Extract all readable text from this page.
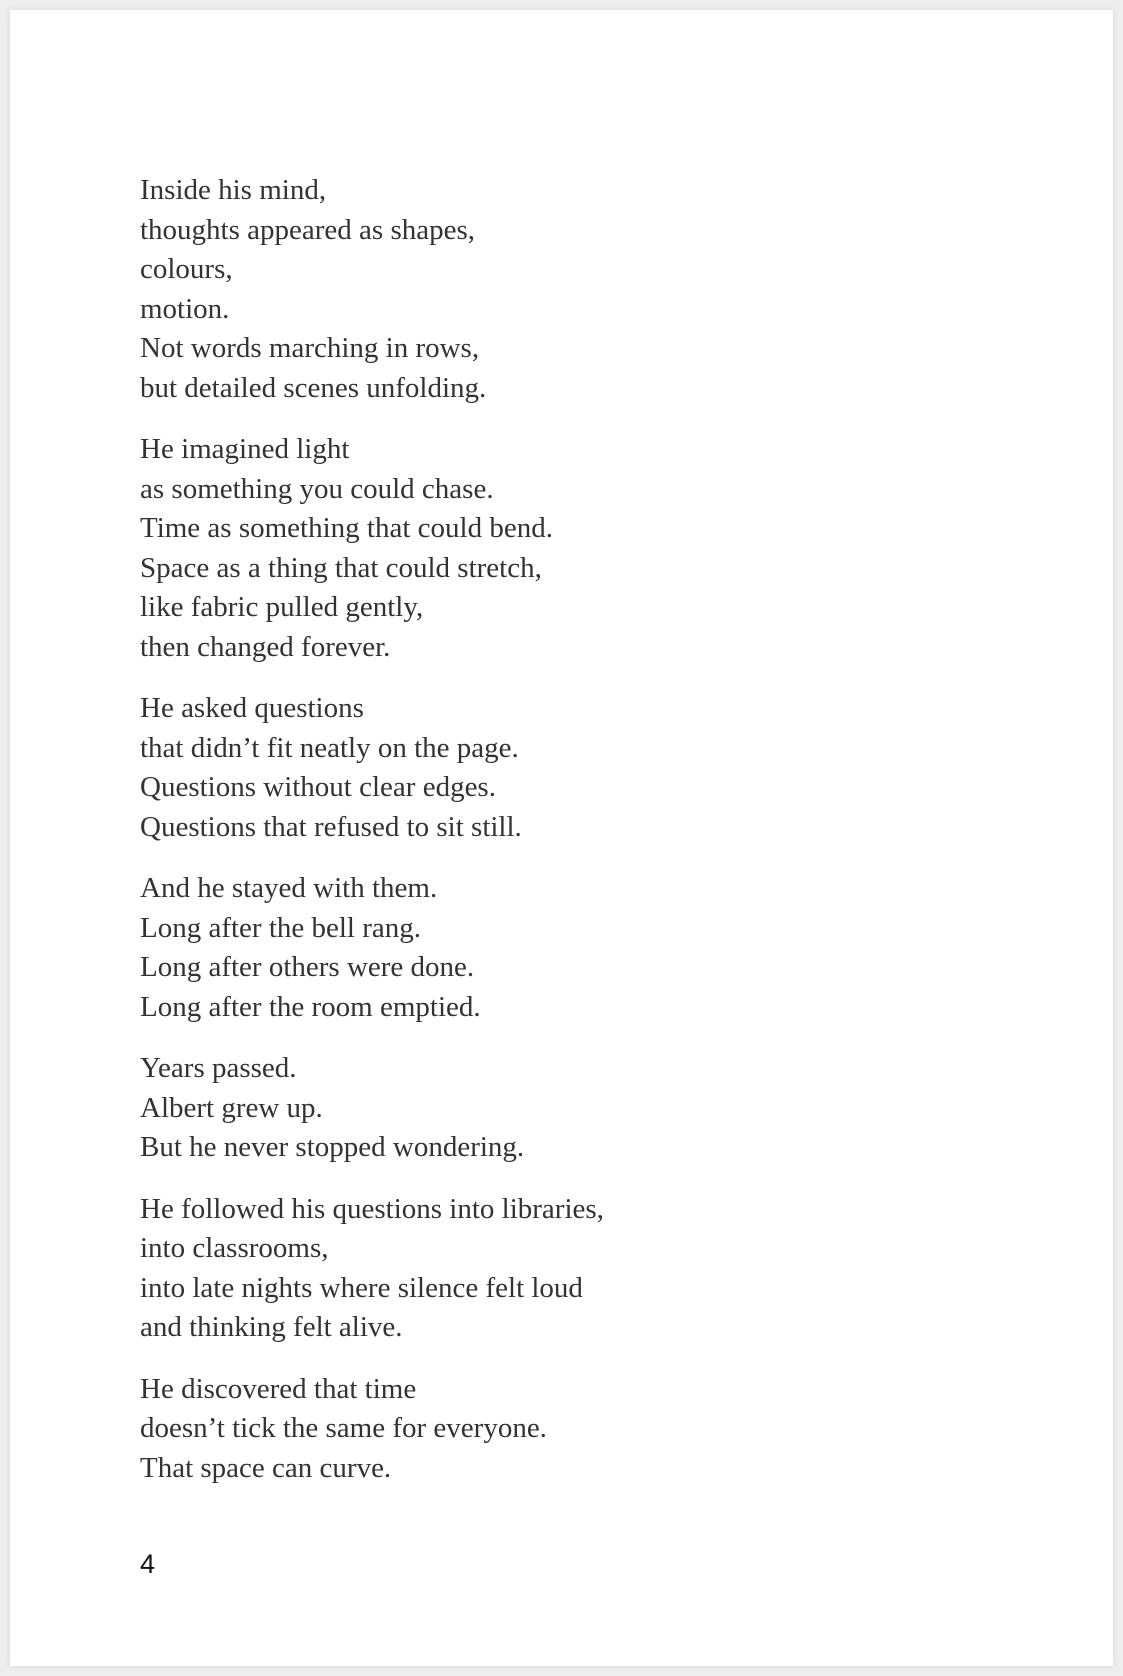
Inside his mind,
thoughts appeared as shapes,
colours,
motion.
Not words marching in rows,
but detailed scenes unfolding.
He imagined light
as something you could chase.
Time as something that could bend.
Space as a thing that could stretch,
like fabric pulled gently,
then changed forever.
He asked questions
that didn’t fit neatly on the page.
Questions without clear edges.
Questions that refused to sit still.
And he stayed with them.
Long after the bell rang.
Long after others were done.
Long after the room emptied.
Years passed.
Albert grew up.
But he never stopped wondering.
He followed his questions into libraries,
into classrooms,
into late nights where silence felt loud
and thinking felt alive.
He discovered that time
doesn’t tick the same for everyone.
That space can curve.
4
